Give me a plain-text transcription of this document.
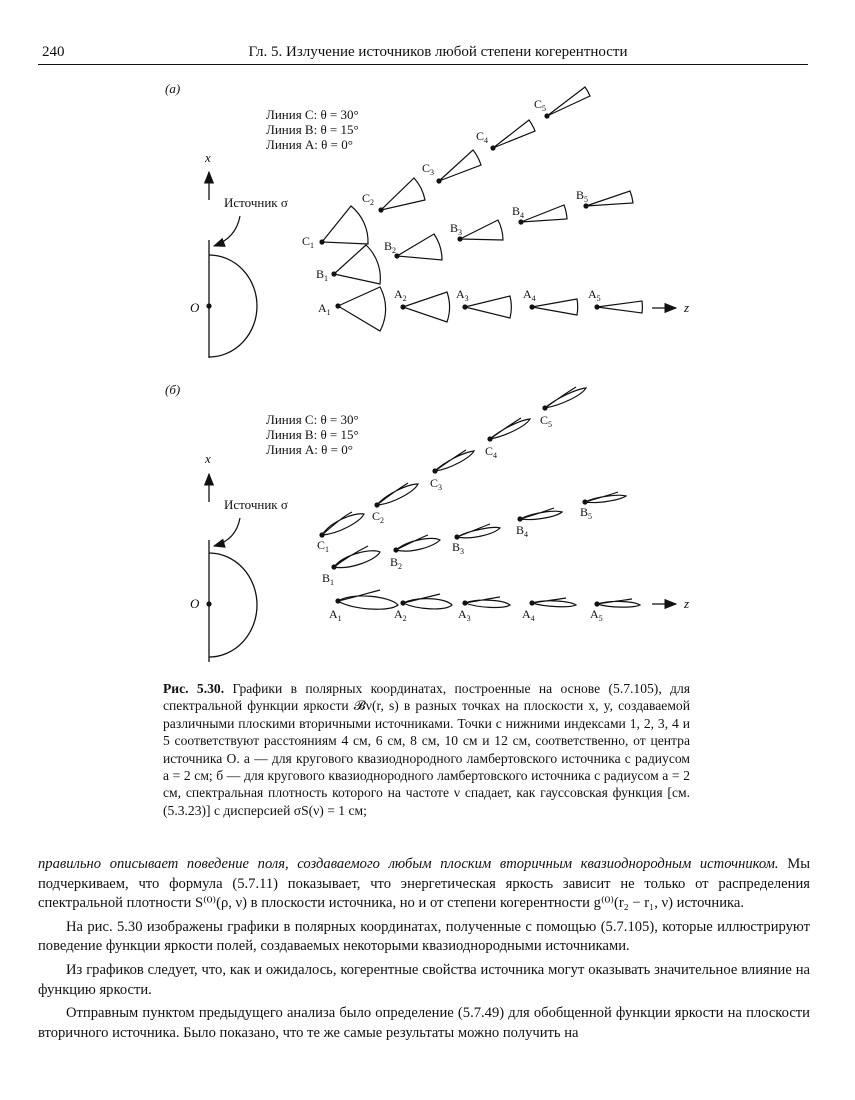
240	Гл. 5. Излучение источников любой степени когерентности
(а)
Линия C: θ = 30°
Линия B: θ = 15°
Линия A: θ = 0°
x
O
Источник σ
z
$A_1$
$A_2$	$A_3$	$A_4$	$A_5$
$B_1$
$B_2$
$B_3$
$B_4$
$B_5$
$C_1$
$C_2$
$C_3$
$C_4$
$C_5$
(б)
Линия C: θ = 30°
Линия B: θ = 15°
Линия A: θ = 0°
x
O
Источник σ
z
$A_1$	$A_2$	$A_3$	$A_4$	$A_5$
$B_1$
$B_2$
$B_3$
$B_4$
$B_5$
$C_1$
$C_2$
$C_3$
$C_4$
$C_5$
Рис. 5.30. Графики в полярных координатах, построенные на основе (5.7.105), для спектральной функции яркости 𝓑ν(r, s) в разных точках на плоскости x, y, создаваемой различными плоскими вторичными источниками. Точки с нижними индексами 1, 2, 3, 4 и 5 соответствуют расстояниям 4 см, 6 см, 8 см, 10 см и 12 см, соответственно, от центра источника O. а — для кругового квазиоднородного ламбертовского источника с радиусом a = 2 см; б — для кругового квазиоднородного ламбертовского источника с радиусом a = 2 см, спектральная плотность которого на частоте ν спадает, как гауссовская функция [см. (5.3.23)] с дисперсией σS(ν) = 1 см;

правильно описывает поведение поля, создаваемого любым плоским вторичным квазиоднородным источником. Мы подчеркиваем, что формула (5.7.11) показывает, что энергетическая яркость зависит не только от распределения спектральной плотности S⁽⁰⁾(ρ, ν) в плоскости источника, но и от степени когерентности g⁽⁰⁾(r₂ − r₁, ν) источника.

На рис. 5.30 изображены графики в полярных координатах, полученные с помощью (5.7.105), которые иллюстрируют поведение функции яркости полей, создаваемых некоторыми квазиоднородными источниками.

Из графиков следует, что, как и ожидалось, когерентные свойства источника могут оказывать значительное влияние на функцию яркости.

Отправным пунктом предыдущего анализа было определение (5.7.49) для обобщенной функции яркости на плоскости вторичного источника. Было показано, что те же самые результаты можно получить на
